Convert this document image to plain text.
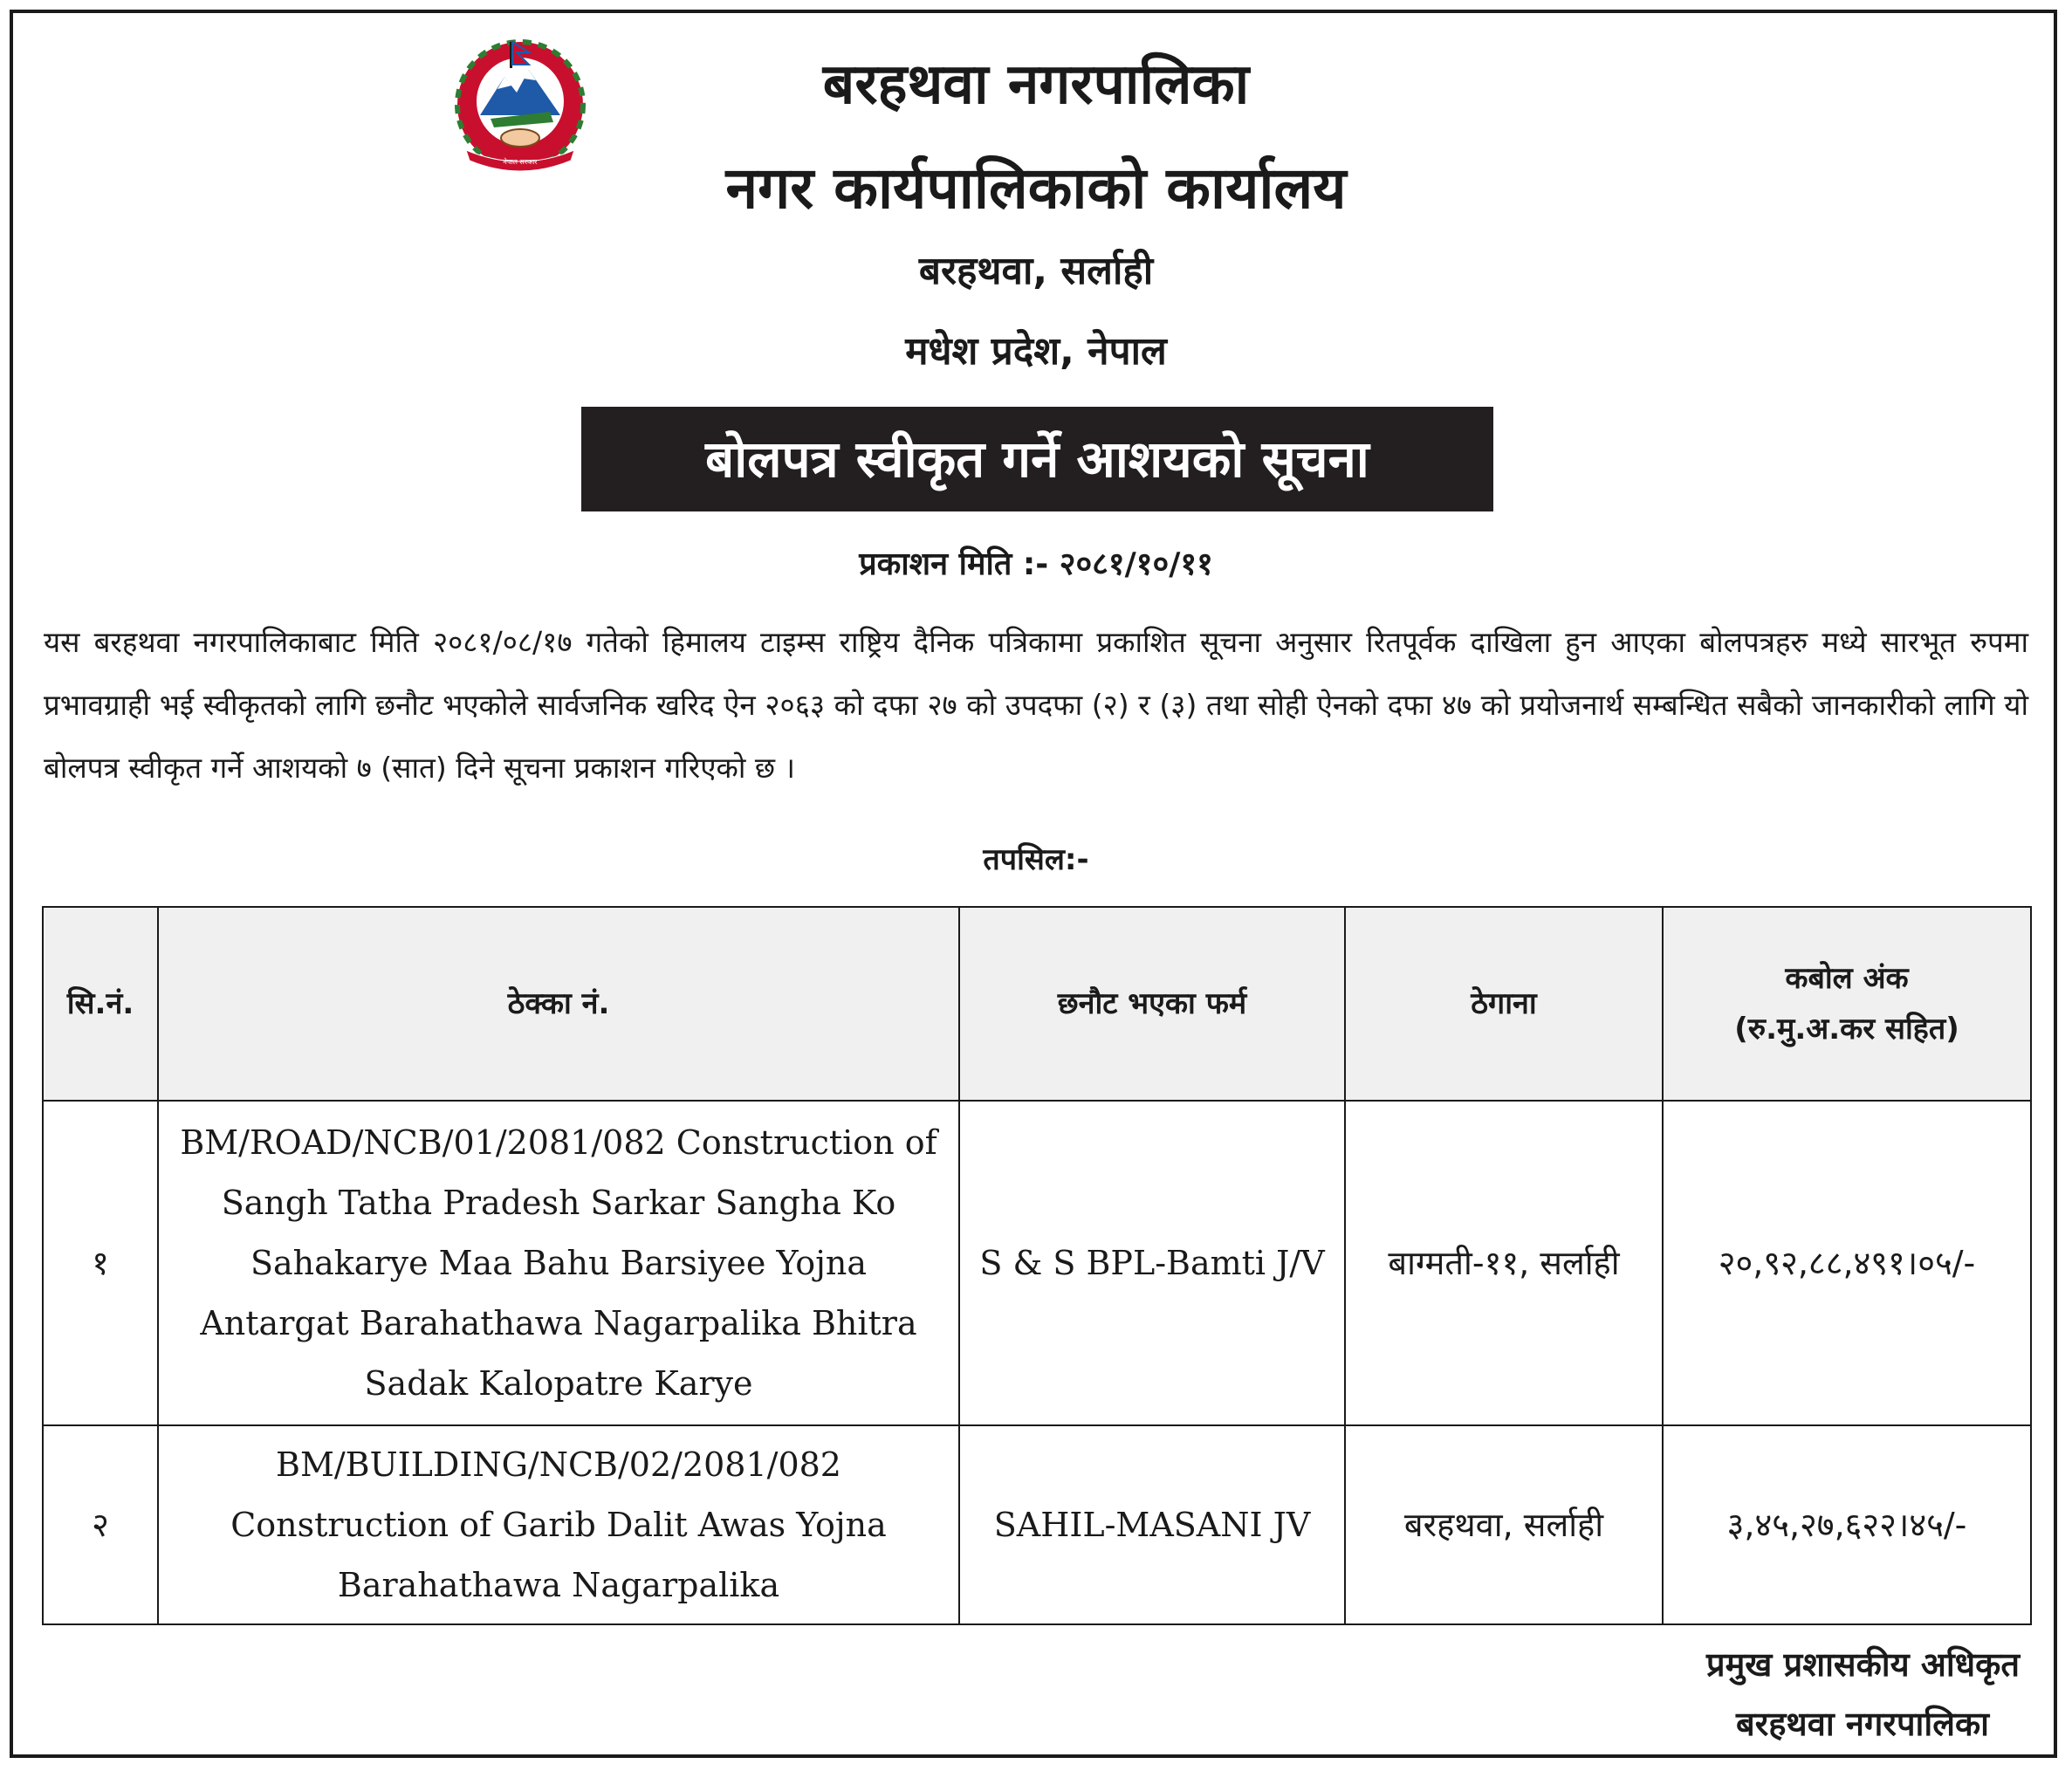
नेपाल सरकार
बरहथवा नगरपालिका
नगर कार्यपालिकाको कार्यालय
बरहथवा, सर्लाही
मधेश प्रदेश, नेपाल
बोलपत्र स्वीकृत गर्ने आशयको सूचना
प्रकाशन मिति :- २०८१/१०/११
यस बरहथवा नगरपालिकाबाट मिति २०८१/०८/१७ गतेको हिमालय टाइम्स राष्ट्रिय दैनिक पत्रिकामा प्रकाशित सूचना अनुसार रितपूर्वक दाखिला हुन आएका बोलपत्रहरु मध्ये सारभूत रुपमा प्रभावग्राही भई स्वीकृतको लागि छनौट भएकोले सार्वजनिक खरिद ऐन २०६३ को दफा २७ को उपदफा (२) र (३) तथा सोही ऐनको दफा ४७ को प्रयोजनार्थ सम्बन्धित सबैको जानकारीको लागि यो बोलपत्र स्वीकृत गर्ने आशयको ७ (सात) दिने सूचना प्रकाशन गरिएको छ ।
तपसिल:-
सि.नं.	ठेक्का नं.	छनौट भएका फर्म	ठेगाना	कबोल अंक
(रु.मु.अ.कर सहित)

१	BM/ROAD/NCB/01/2081/082 Construction of Sangh Tatha Pradesh Sarkar Sangha Ko Sahakarye Maa Bahu Barsiyee Yojna Antargat Barahathawa Nagarpalika Bhitra Sadak Kalopatre Karye	S & S BPL-Bamti J/V	बाग्मती-११, सर्लाही	२०,९२,८८,४९१।०५/-
२	BM/BUILDING/NCB/02/2081/082 Construction of Garib Dalit Awas Yojna Barahathawa Nagarpalika	SAHIL-MASANI JV	बरहथवा, सर्लाही	३,४५,२७,६२२।४५/-
प्रमुख प्रशासकीय अधिकृत
बरहथवा नगरपालिका
